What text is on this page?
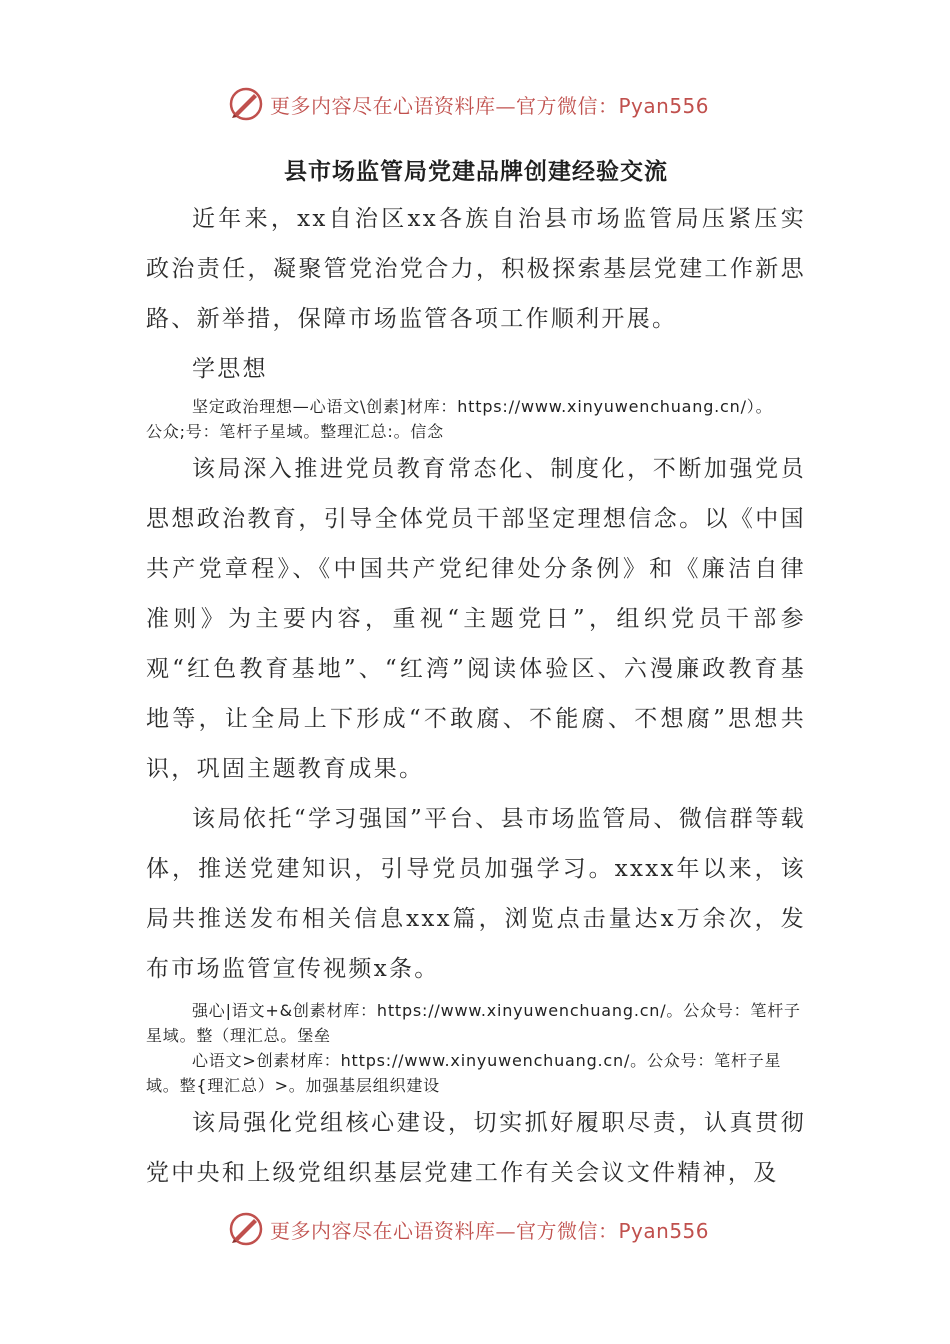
更多内容尽在心语资料库—官方微信：Pyan556
县市场监管局党建品牌创建经验交流

近年来，xx自治区xx各族自治县市场监管局压紧压实政治责任，凝聚管党治党合力，积极探索基层党建工作新思路、新举措，保障市场监管各项工作顺利开展。

学思想

坚定政治理想—心语文\创素]材库：https://www.xinyuwenchuang.cn/）。

公众;号：笔杆子星域。整理汇总:。信念

该局深入推进党员教育常态化、制度化，不断加强党员思想政治教育，引导全体党员干部坚定理想信念。以《中国共产党章程》、《中国共产党纪律处分条例》和《廉洁自律准则》为主要内容，重视“主题党日”，组织党员干部参观“红色教育基地”、“红湾”阅读体验区、六漫廉政教育基地等，让全局上下形成“不敢腐、不能腐、不想腐”思想共识，巩固主题教育成果。

该局依托“学习强国”平台、县市场监管局、微信群等载体，推送党建知识，引导党员加强学习。xxxx年以来，该局共推送发布相关信息xxx篇，浏览点击量达x万余次，发布市场监管宣传视频x条。

强心|语文+&创素材库：https://www.xinyuwenchuang.cn/。公众号：笔杆子星域。整（理汇总。堡垒

心语文>创素材库：https://www.xinyuwenchuang.cn/。公众号：笔杆子星域。整{理汇总）>。加强基层组织建设

该局强化党组核心建设，切实抓好履职尽责，认真贯彻党中央和上级党组织基层党建工作有关会议文件精神，及

更多内容尽在心语资料库—官方微信：Pyan556
